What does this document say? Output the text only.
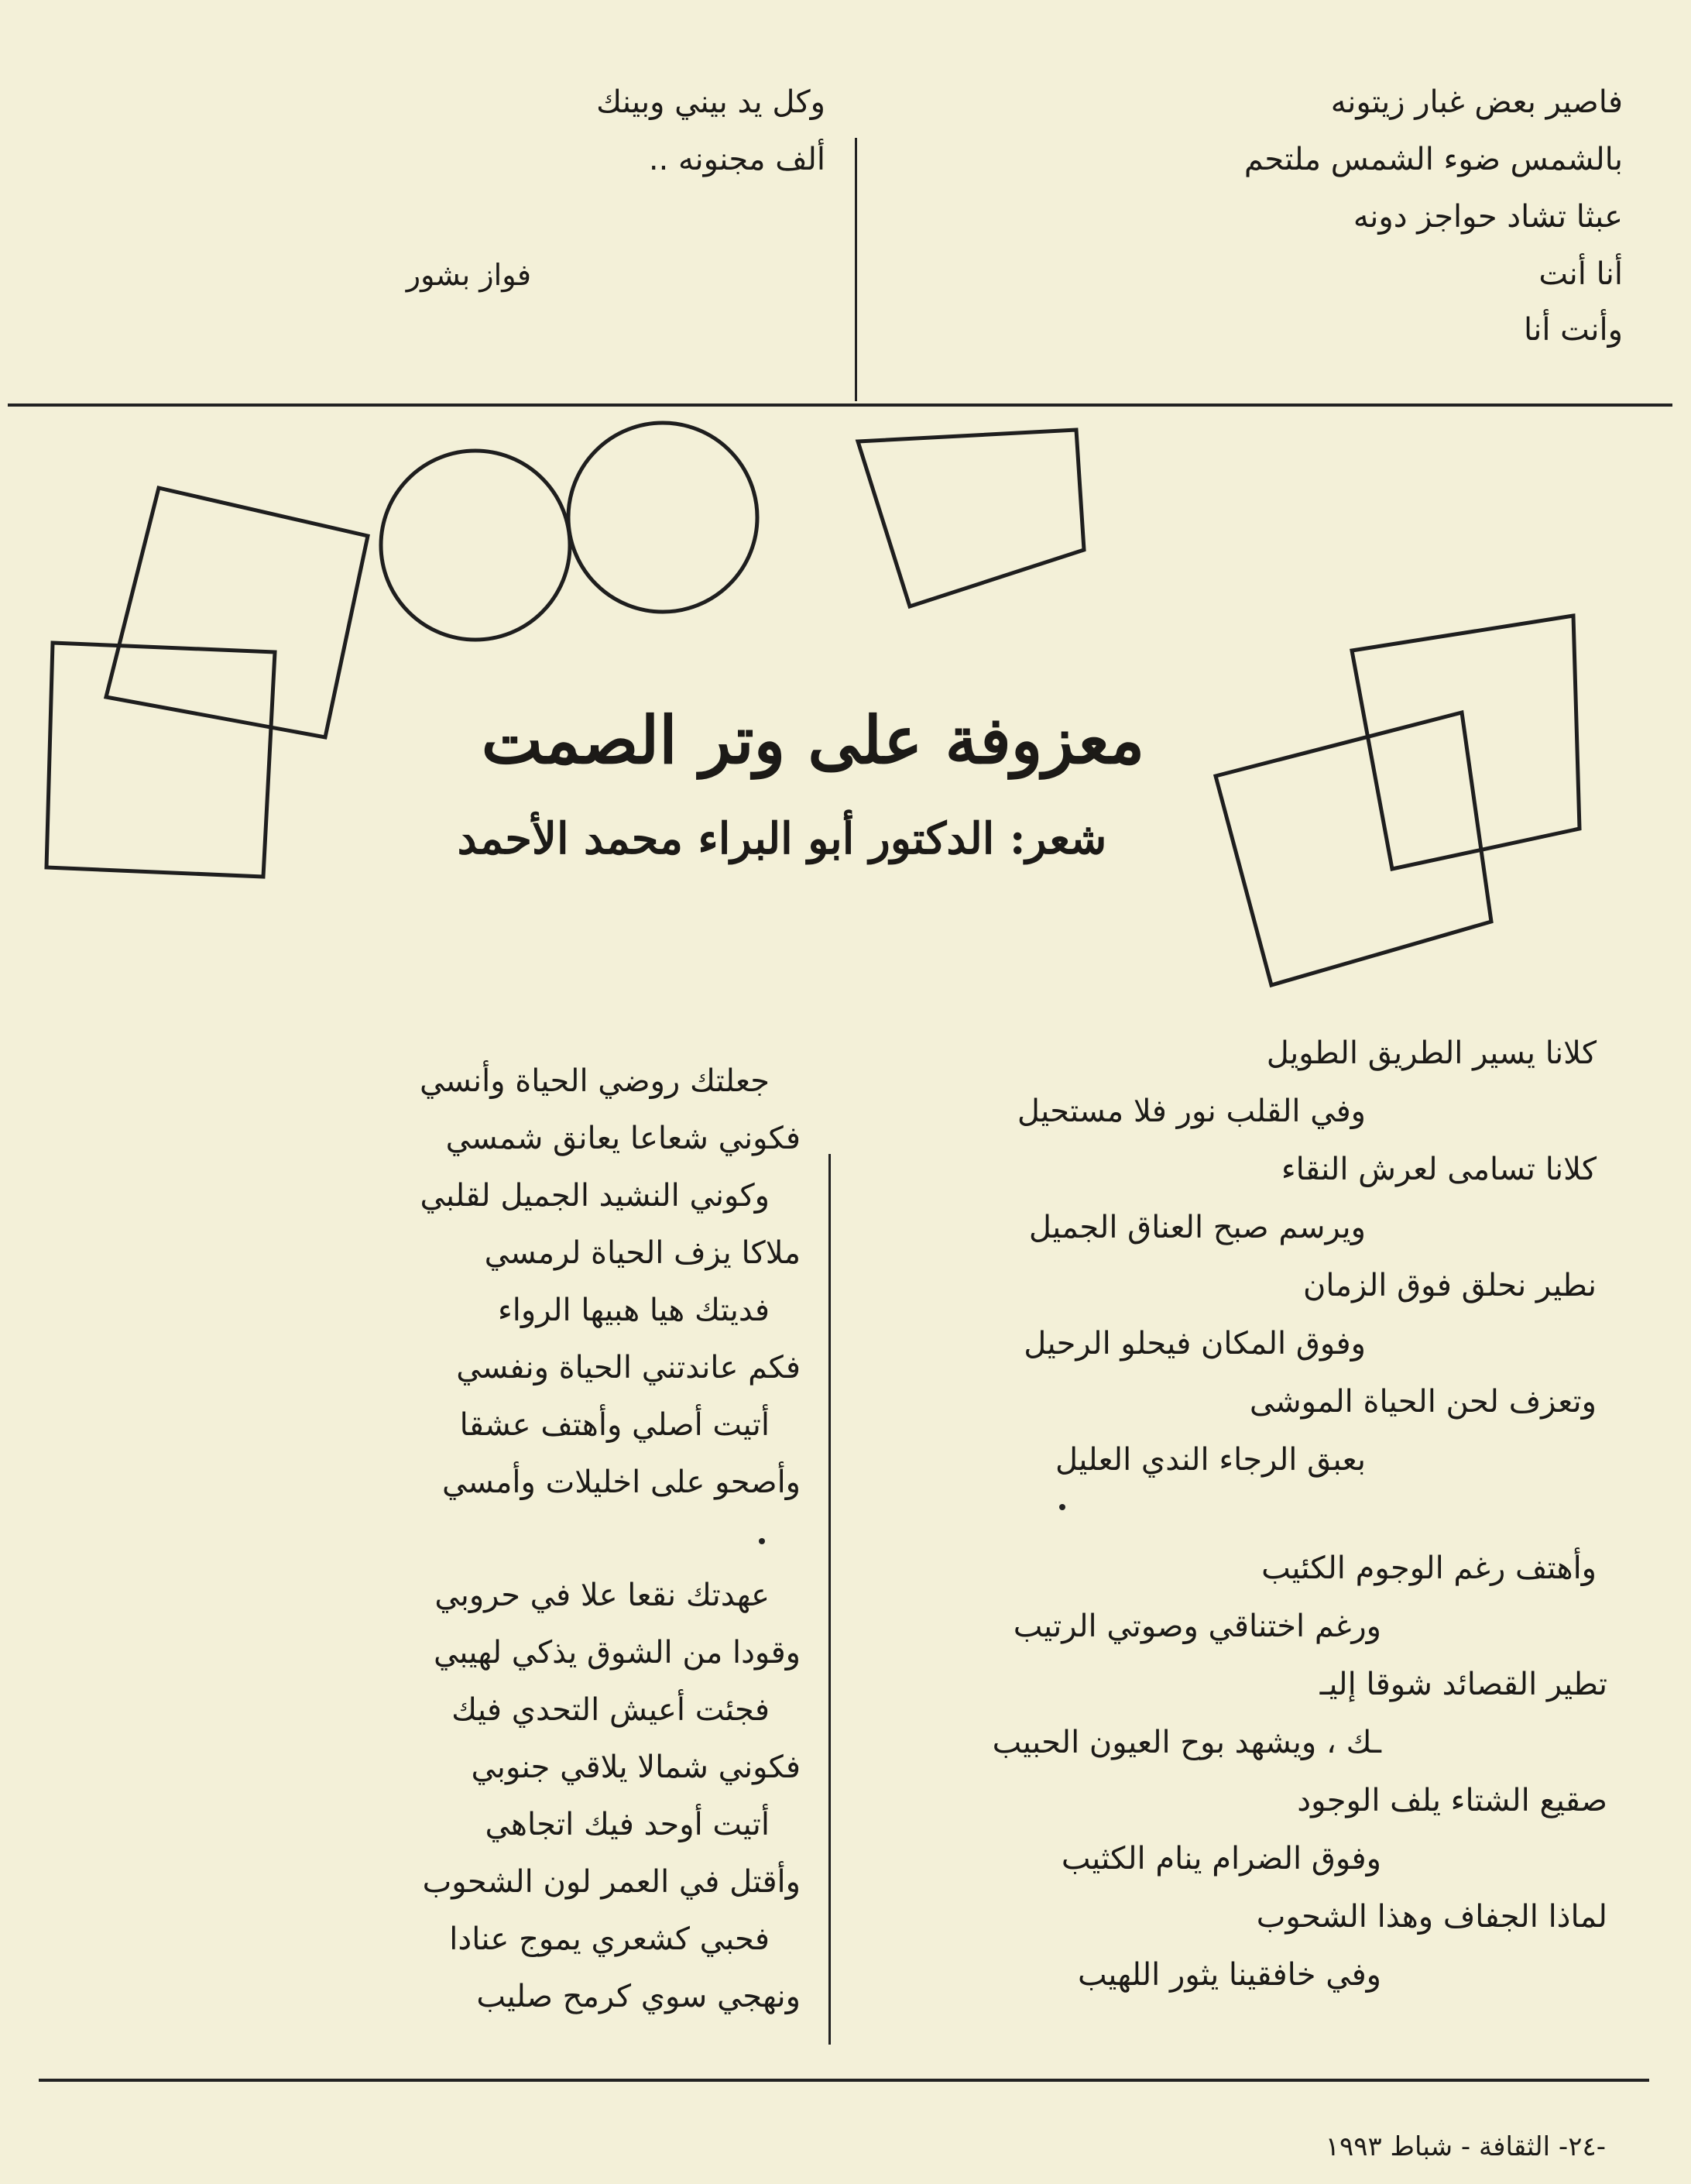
فاصير بعض غبار زيتونه
بالشمس ضوء الشمس ملتحم
عبثا تشاد حواجز دونه
أنا أنت
وأنت أنا
وكل يد بيني وبينك
ألف مجنونه ..
فواز بشور
معزوفة على وتر الصمت
شعر: الدكتور أبو البراء محمد الأحمد
كلانا يسير الطريق الطويل
وفي القلب نور فلا مستحيل
كلانا تسامى لعرش النقاء
ويرسم صبح العناق الجميل
نطير نحلق فوق الزمان
وفوق المكان فيحلو الرحيل
وتعزف لحن الحياة الموشى
بعبق الرجاء الندي العليل
وأهتف رغم الوجوم الكئيب
ورغم اختناقي وصوتي الرتيب
تطير القصائد شوقا إليـ
ـك ، ويشهد بوح العيون الحبيب
صقيع الشتاء يلف الوجود
وفوق الضرام ينام الكثيب
لماذا الجفاف وهذا الشحوب
وفي خافقينا يثور اللهيب
جعلتك روضي الحياة وأنسي
فكوني شعاعا يعانق شمسي
وكوني النشيد الجميل لقلبي
ملاكا يزف الحياة لرمسي
فديتك هيا هبيها الرواء
فكم عاندتني الحياة ونفسي
أتيت أصلي وأهتف عشقا
وأصحو على اخليلات وأمسي
عهدتك نقعا علا في حروبي
وقودا من الشوق يذكي لهيبي
فجئت أعيش التحدي فيك
فكوني شمالا يلاقي جنوبي
أتيت أوحد فيك اتجاهي
وأقتل في العمر لون الشحوب
فحبي كشعري يموج عنادا
ونهجي سوي كرمح صليب
-٢٤- الثقافة - شباط ١٩٩٣
